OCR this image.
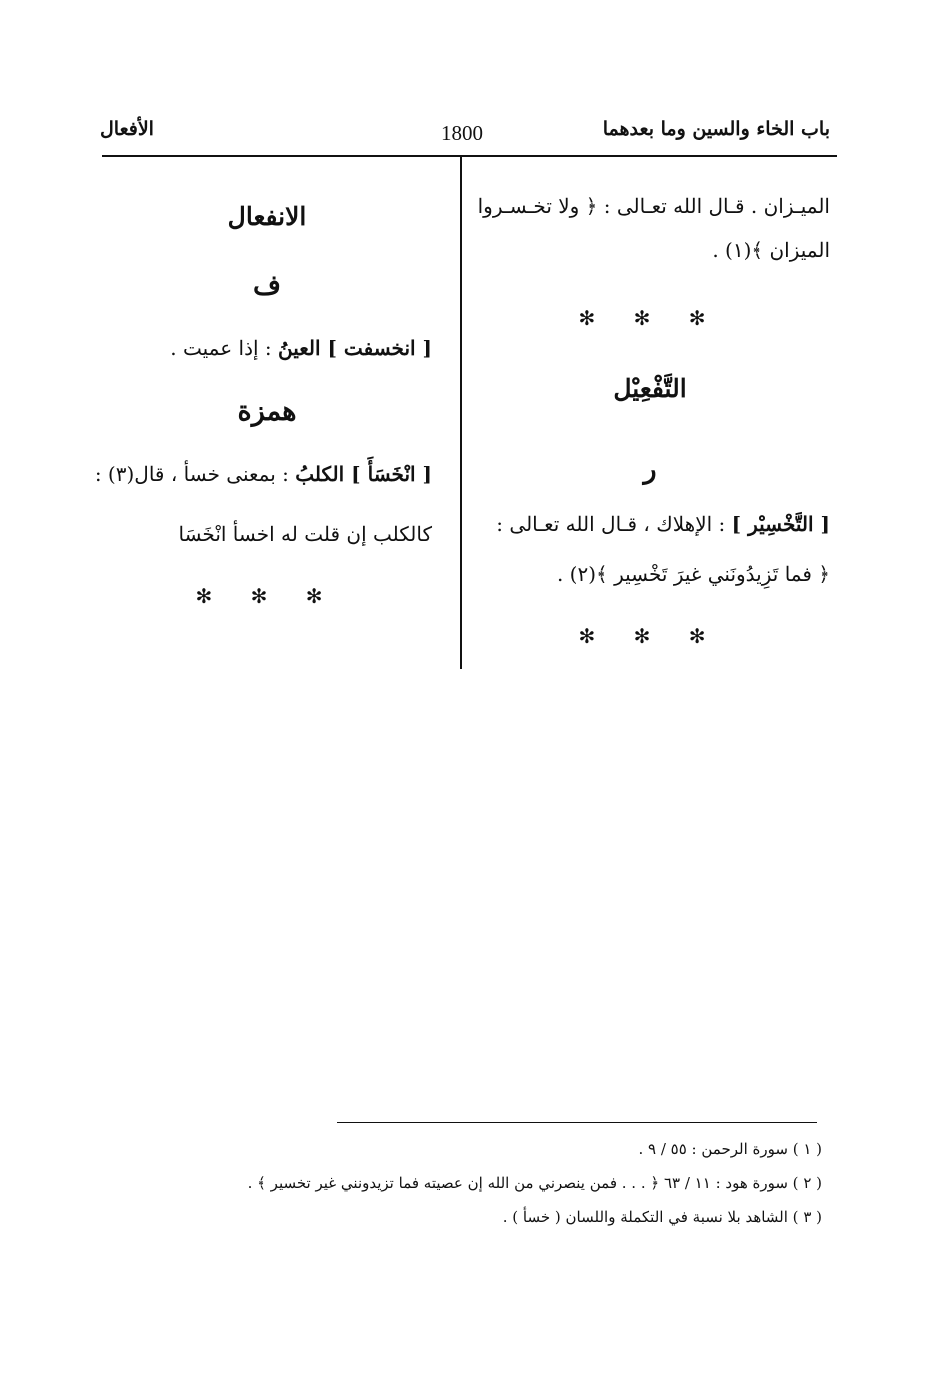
باب الخاء والسين وما بعدهما
1800
الأفعال
الميـزان . قـال الله تعـالى : ﴿ ولا تخـسـروا
الميزان ﴾(١) .
✻ ✻ ✻
التَّفْعِيْل
ر
[ التَّخْسِيْر ] : الإهلاك ، قـال الله تعـالى :
﴿ فما تَزِيدُونَني غيرَ تَخْسِير ﴾(٢) .
✻ ✻ ✻
الانفعال
ف
[ انخسفت ] العينُ : إذا عميت .
همزة
[ انْخَسَأَ ] الكلبُ : بمعنى خسأ ، قال(٣) :
كالكلب إن قلت له اخسأ انْخَسَا
✻ ✻ ✻
( ١ ) سورة الرحمن : ٥٥ / ٩ .
( ٢ ) سورة هود : ١١ / ٦٣ ﴿ . . . فمن ينصرني من الله إن عصيته فما تزيدونني غير تخسير ﴾ .
( ٣ ) الشاهد بلا نسبة في التكملة واللسان ( خسأ ) .
